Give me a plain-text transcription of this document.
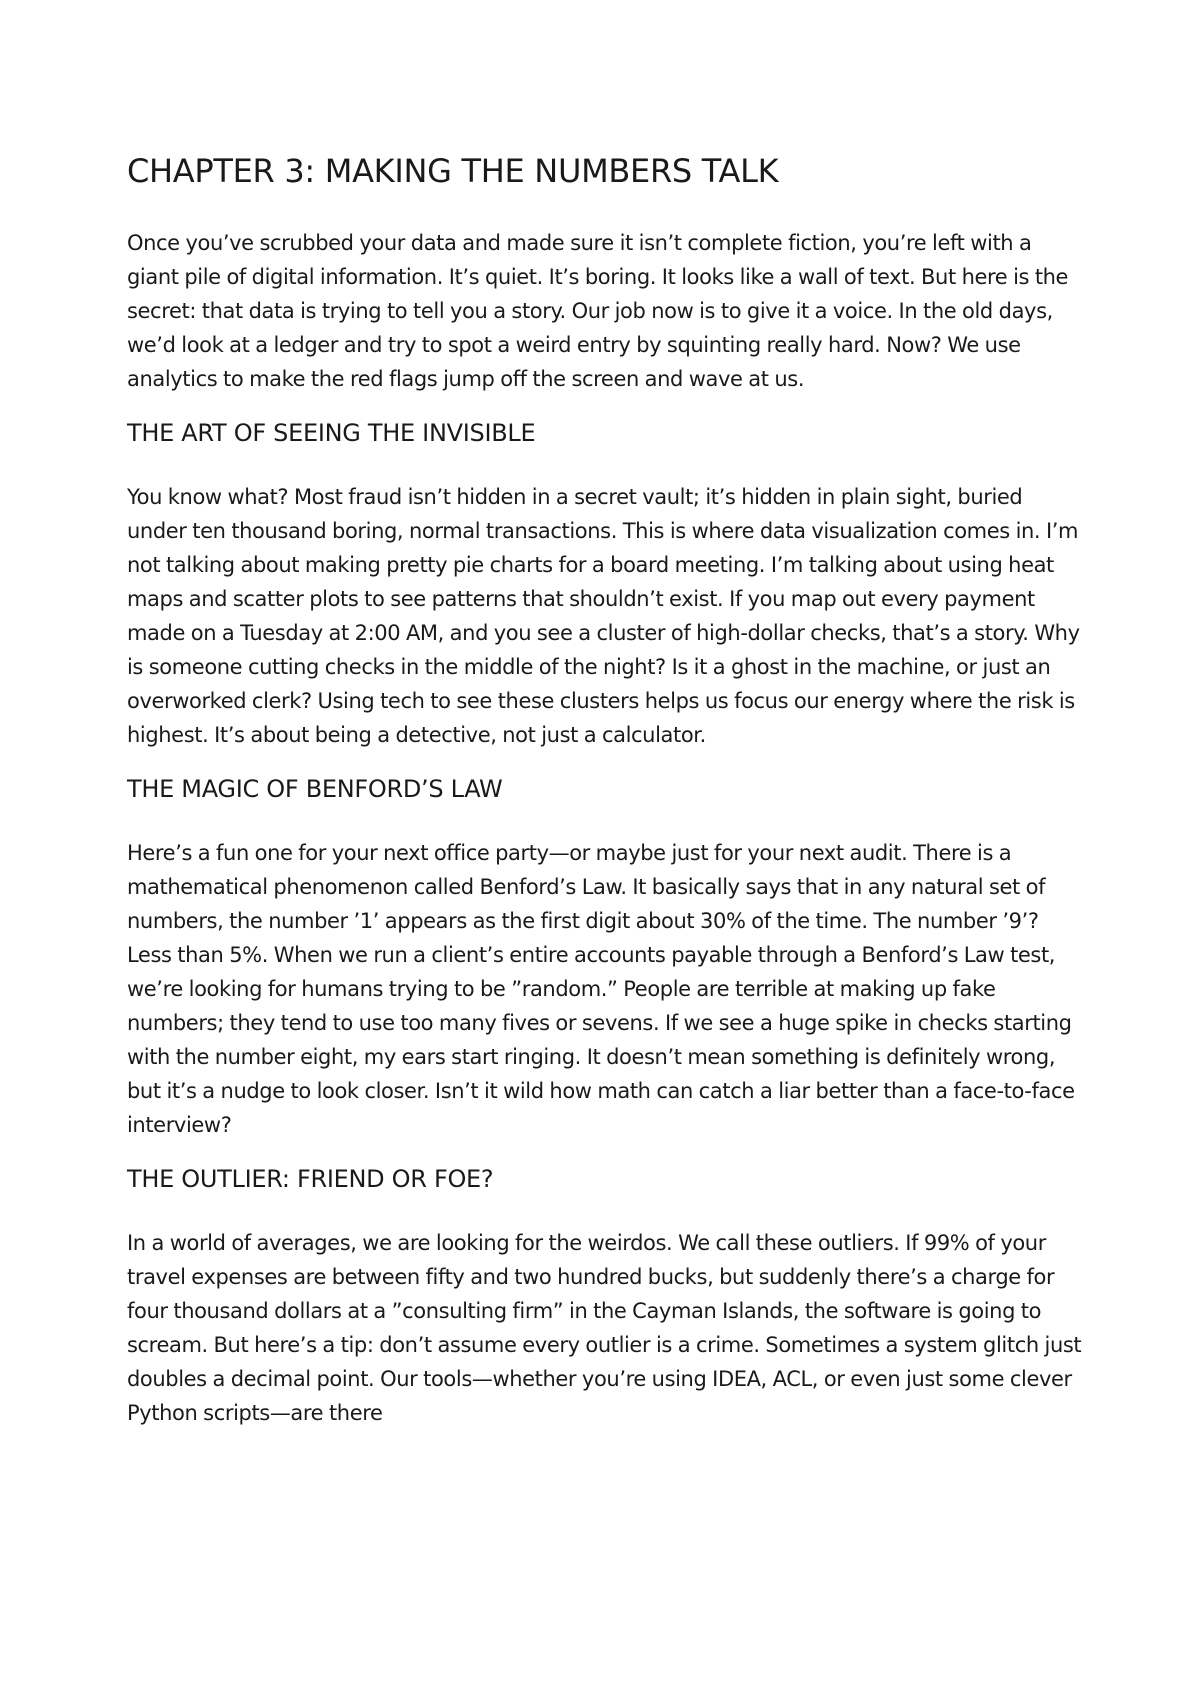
CHAPTER 3: MAKING THE NUMBERS TALK

Once you’ve scrubbed your data and made sure it isn’t complete fiction, you’re left with a giant pile of digital information. It’s quiet. It’s boring. It looks like a wall of text. But here is the secret: that data is trying to tell you a story. Our job now is to give it a voice. In the old days, we’d look at a ledger and try to spot a weird entry by squinting really hard. Now? We use analytics to make the red flags jump off the screen and wave at us.

THE ART OF SEEING THE INVISIBLE

You know what? Most fraud isn’t hidden in a secret vault; it’s hidden in plain sight, buried under ten thousand boring, normal transactions. This is where data visualization comes in. I’m not talking about making pretty pie charts for a board meeting. I’m talking about using heat maps and scatter plots to see patterns that shouldn’t exist. If you map out every payment made on a Tuesday at 2:00 AM, and you see a cluster of high-dollar checks, that’s a story. Why is someone cutting checks in the middle of the night? Is it a ghost in the machine, or just an overworked clerk? Using tech to see these clusters helps us focus our energy where the risk is highest. It’s about being a detective, not just a calculator.

THE MAGIC OF BENFORD’S LAW

Here’s a fun one for your next office party—or maybe just for your next audit. There is a mathematical phenomenon called Benford’s Law. It basically says that in any natural set of numbers, the number ’1’ appears as the first digit about 30% of the time. The number ’9’? Less than 5%. When we run a client’s entire accounts payable through a Benford’s Law test, we’re looking for humans trying to be ”random.” People are terrible at making up fake numbers; they tend to use too many fives or sevens. If we see a huge spike in checks starting with the number eight, my ears start ringing. It doesn’t mean something is definitely wrong, but it’s a nudge to look closer. Isn’t it wild how math can catch a liar better than a face-to-face interview?

THE OUTLIER: FRIEND OR FOE?

In a world of averages, we are looking for the weirdos. We call these outliers. If 99% of your travel expenses are between fifty and two hundred bucks, but suddenly there’s a charge for four thousand dollars at a ”consulting firm” in the Cayman Islands, the software is going to scream. But here’s a tip: don’t assume every outlier is a crime. Sometimes a system glitch just doubles a decimal point. Our tools—whether you’re using IDEA, ACL, or even just some clever Python scripts—are there
